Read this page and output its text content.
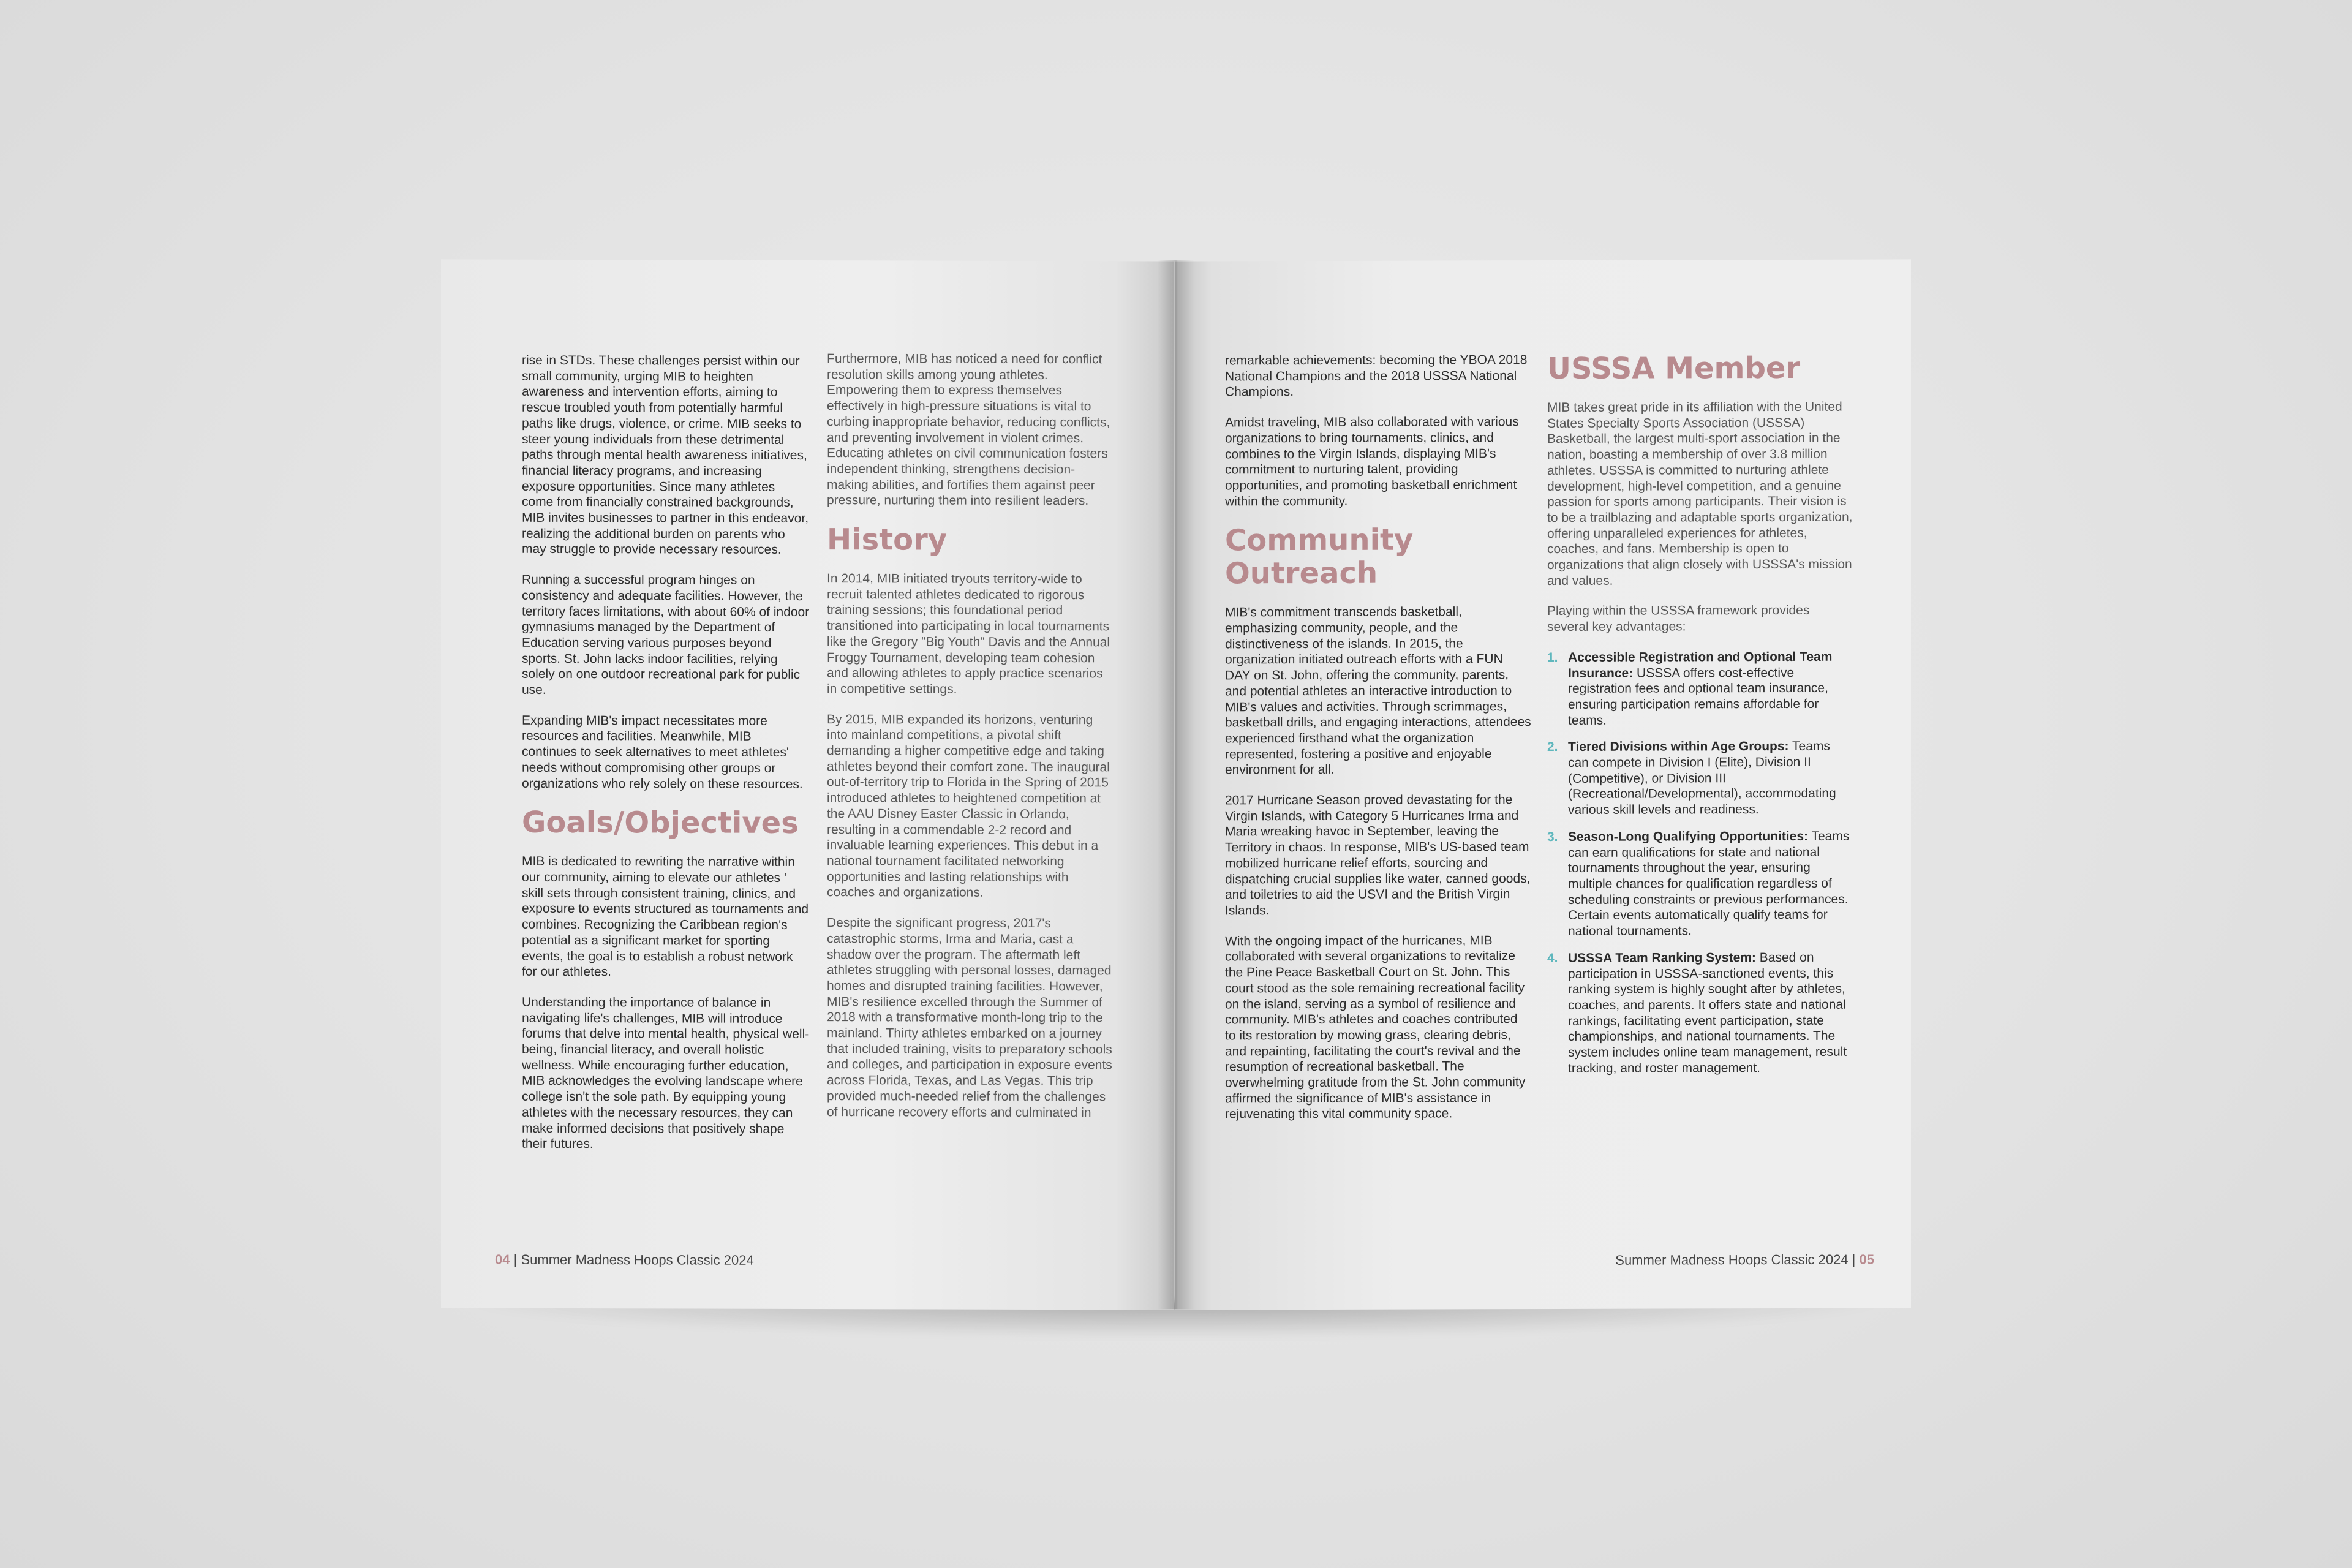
rise in STDs. These challenges persist within our small community, urging MIB to heighten awareness and intervention efforts, aiming to rescue troubled youth from potentially harmful paths like drugs, violence, or crime. MIB seeks to steer young individuals from these detrimental paths through mental health awareness initiatives, financial literacy programs, and increasing exposure opportunities. Since many athletes come from financially constrained backgrounds, MIB invites businesses to partner in this endeavor, realizing the additional burden on parents who may struggle to provide necessary resources.

Running a successful program hinges on consistency and adequate facilities. However, the territory faces limitations, with about 60% of indoor gymnasiums managed by the Department of Education serving various purposes beyond sports. St. John lacks indoor facilities, relying solely on one outdoor recreational park for public use.

Expanding MIB's impact necessitates more resources and facilities. Meanwhile, MIB continues to seek alternatives to meet athletes' needs without compromising other groups or organizations who rely solely on these resources.

Goals/Objectives

MIB is dedicated to rewriting the narrative within our community, aiming to elevate our athletes ' skill sets through consistent training, clinics, and exposure to events structured as tournaments and combines. Recognizing the Caribbean region's potential as a significant market for sporting events, the goal is to establish a robust network for our athletes.

Understanding the importance of balance in navigating life's challenges, MIB will introduce forums that delve into mental health, physical well-being, financial literacy, and overall holistic wellness. While encouraging further education, MIB acknowledges the evolving landscape where college isn't the sole path. By equipping young athletes with the necessary resources, they can make informed decisions that positively shape their futures.

Furthermore, MIB has noticed a need for conflict resolution skills among young athletes. Empowering them to express themselves effectively in high-pressure situations is vital to curbing inappropriate behavior, reducing conflicts, and preventing involvement in violent crimes. Educating athletes on civil communication fosters independent thinking, strengthens decision-making abilities, and fortifies them against peer pressure, nurturing them into resilient leaders.

History

In 2014, MIB initiated tryouts territory-wide to recruit talented athletes dedicated to rigorous training sessions; this foundational period transitioned into participating in local tournaments like the Gregory "Big Youth" Davis and the Annual Froggy Tournament, developing team cohesion and allowing athletes to apply practice scenarios in competitive settings.

By 2015, MIB expanded its horizons, venturing into mainland competitions, a pivotal shift demanding a higher competitive edge and taking athletes beyond their comfort zone. The inaugural out-of-territory trip to Florida in the Spring of 2015 introduced athletes to heightened competition at the AAU Disney Easter Classic in Orlando, resulting in a commendable 2-2 record and invaluable learning experiences. This debut in a national tournament facilitated networking opportunities and lasting relationships with coaches and organizations.

Despite the significant progress, 2017's catastrophic storms, Irma and Maria, cast a shadow over the program. The aftermath left athletes struggling with personal losses, damaged homes and disrupted training facilities. However, MIB's resilience excelled through the Summer of 2018 with a transformative month-long trip to the mainland. Thirty athletes embarked on a journey that included training, visits to preparatory schools and colleges, and participation in exposure events across Florida, Texas, and Las Vegas. This trip provided much-needed relief from the challenges of hurricane recovery efforts and culminated in

04 | Summer Madness Hoops Classic 2024

remarkable achievements: becoming the YBOA 2018 National Champions and the 2018 USSSA National Champions.

Amidst traveling, MIB also collaborated with various organizations to bring tournaments, clinics, and combines to the Virgin Islands, displaying MIB's commitment to nurturing talent, providing opportunities, and promoting basketball enrichment within the community.

Community
Outreach

MIB's commitment transcends basketball, emphasizing community, people, and the distinctiveness of the islands. In 2015, the organization initiated outreach efforts with a FUN DAY on St. John, offering the community, parents, and potential athletes an interactive introduction to MIB's values and activities. Through scrimmages, basketball drills, and engaging interactions, attendees experienced firsthand what the organization represented, fostering a positive and enjoyable environment for all.

2017 Hurricane Season proved devastating for the Virgin Islands, with Category 5 Hurricanes Irma and Maria wreaking havoc in September, leaving the Territory in chaos. In response, MIB's US-based team mobilized hurricane relief efforts, sourcing and dispatching crucial supplies like water, canned goods, and toiletries to aid the USVI and the British Virgin Islands.

With the ongoing impact of the hurricanes, MIB collaborated with several organizations to revitalize the Pine Peace Basketball Court on St. John. This court stood as the sole remaining recreational facility on the island, serving as a symbol of resilience and community. MIB's athletes and coaches contributed to its restoration by mowing grass, clearing debris, and repainting, facilitating the court's revival and the resumption of recreational basketball. The overwhelming gratitude from the St. John community affirmed the significance of MIB's assistance in rejuvenating this vital community space.

USSSA Member

MIB takes great pride in its affiliation with the United States Specialty Sports Association (USSSA) Basketball, the largest multi-sport association in the nation, boasting a membership of over 3.8 million athletes. USSSA is committed to nurturing athlete development, high-level competition, and a genuine passion for sports among participants. Their vision is to be a trailblazing and adaptable sports organization, offering unparalleled experiences for athletes, coaches, and fans. Membership is open to organizations that align closely with USSSA's mission and values.

Playing within the USSSA framework provides several key advantages:

1. Accessible Registration and Optional Team Insurance: USSSA offers cost-effective registration fees and optional team insurance, ensuring participation remains affordable for teams.
2. Tiered Divisions within Age Groups: Teams can compete in Division I (Elite), Division II (Competitive), or Division III (Recreational/Developmental), accommodating various skill levels and readiness.
3. Season-Long Qualifying Opportunities: Teams can earn qualifications for state and national tournaments throughout the year, ensuring multiple chances for qualification regardless of scheduling constraints or previous performances. Certain events automatically qualify teams for national tournaments.
4. USSSA Team Ranking System: Based on participation in USSSA-sanctioned events, this ranking system is highly sought after by athletes, coaches, and parents. It offers state and national rankings, facilitating event participation, state championships, and national tournaments. The system includes online team management, result tracking, and roster management.
Summer Madness Hoops Classic 2024 | 05
